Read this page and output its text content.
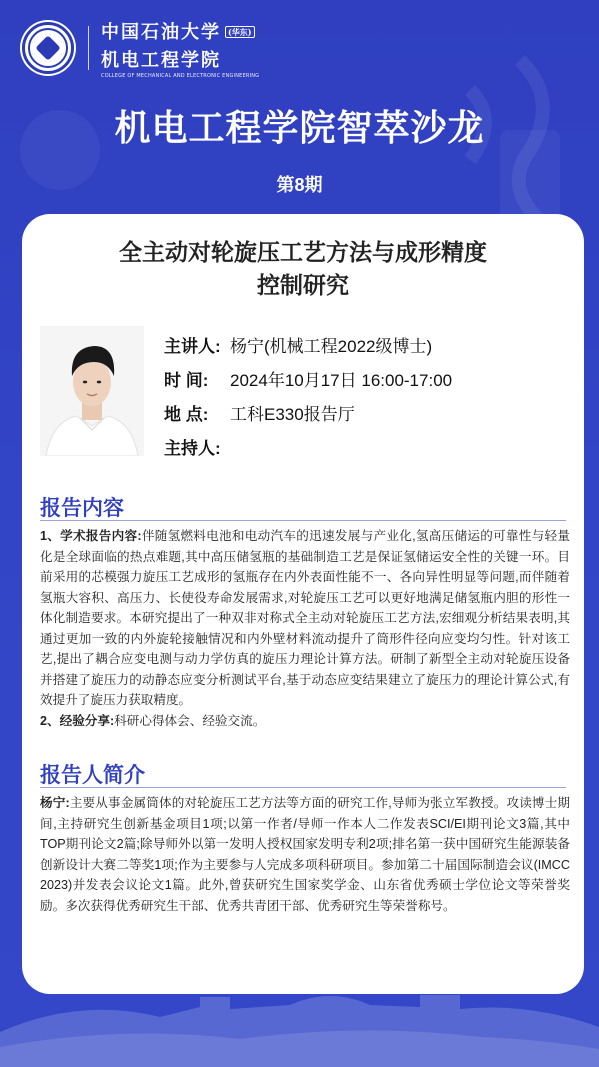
中国石油大学 (华东)
机电工程学院
COLLEGE OF MECHANICAL AND ELECTRONIC ENGINEERING
机电工程学院智萃沙龙
第8期
全主动对轮旋压工艺方法与成形精度
控制研究
主讲人: 杨宁(机械工程2022级博士)
时 间:	2024年10月17日 16:00-17:00
地 点:	工科E330报告厅
主持人:
报告内容
1、学术报告内容:伴随氢燃料电池和电动汽车的迅速发展与产业化,氢高压储运的可靠性与轻量化是全球面临的热点难题,其中高压储氢瓶的基础制造工艺是保证氢储运安全性的关键一环。目前采用的芯模强力旋压工艺成形的氢瓶存在内外表面性能不一、各向异性明显等问题,而伴随着氢瓶大容积、高压力、长使役寿命发展需求,对轮旋压工艺可以更好地满足储氢瓶内胆的形性一体化制造要求。本研究提出了一种双非对称式全主动对轮旋压工艺方法,宏细观分析结果表明,其通过更加一致的内外旋轮接触情况和内外壁材料流动提升了筒形件径向应变均匀性。针对该工艺,提出了耦合应变电测与动力学仿真的旋压力理论计算方法。研制了新型全主动对轮旋压设备并搭建了旋压力的动静态应变分析测试平台,基于动态应变结果建立了旋压力的理论计算公式,有效提升了旋压力获取精度。
2、经验分享:科研心得体会、经验交流。
报告人简介
杨宁:主要从事金属筒体的对轮旋压工艺方法等方面的研究工作,导师为张立军教授。攻读博士期间,主持研究生创新基金项目1项;以第一作者/导师一作本人二作发表SCI/EI期刊论文3篇,其中TOP期刊论文2篇;除导师外以第一发明人授权国家发明专利2项;排名第一获中国研究生能源装备创新设计大赛二等奖1项;作为主要参与人完成多项科研项目。参加第二十届国际制造会议(IMCC 2023)并发表会议论文1篇。此外,曾获研究生国家奖学金、山东省优秀硕士学位论文等荣誉奖励。多次获得优秀研究生干部、优秀共青团干部、优秀研究生等荣誉称号。
